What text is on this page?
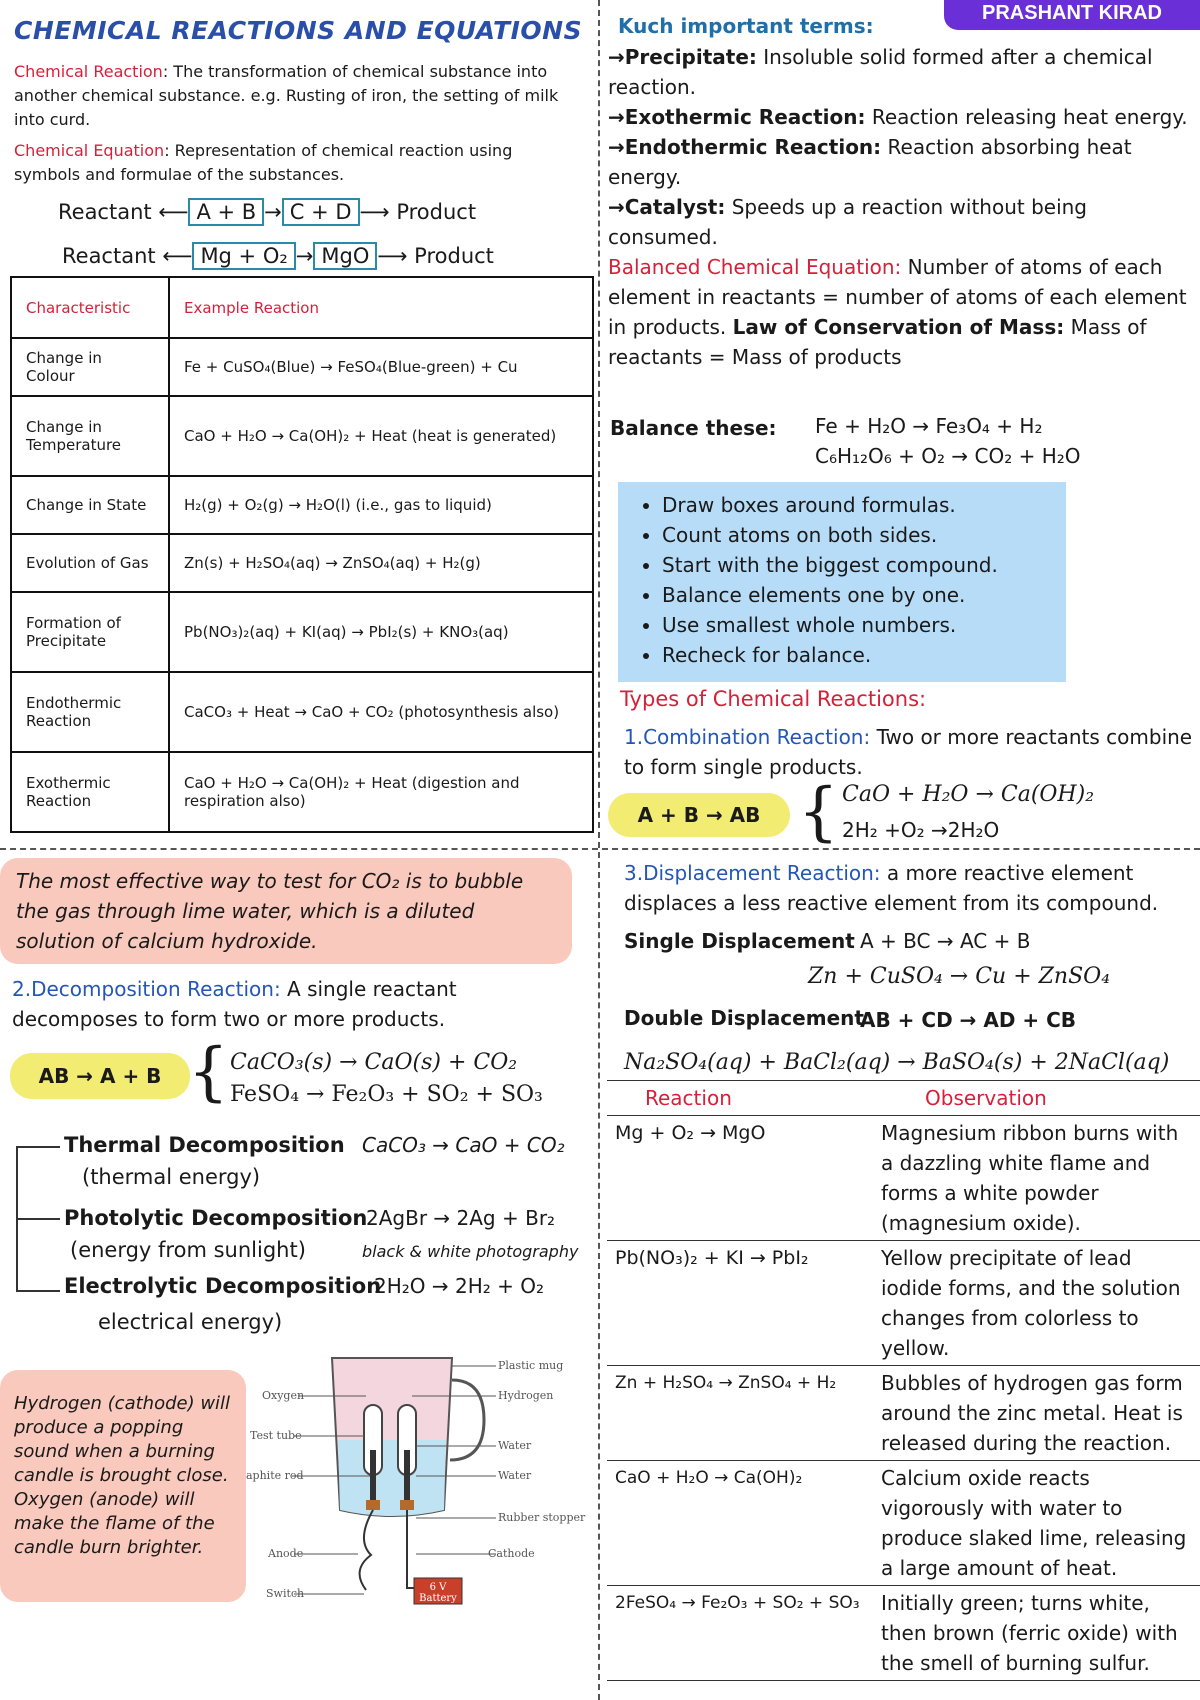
CHEMICAL REACTIONS AND EQUATIONS
PRASHANT KIRAD
Chemical Reaction: The transformation of chemical substance into another chemical substance. e.g. Rusting of iron, the setting of milk into curd.
Chemical Equation: Representation of chemical reaction using symbols and formulae of the substances.
Reactant ⟵ A + B → C + D ⟶ Product
Reactant ⟵ Mg + O₂ → MgO ⟶ Product
Characteristic	Example Reaction
Change in Colour	Fe + CuSO₄(Blue) → FeSO₄(Blue-green) + Cu
Change in Temperature	CaO + H₂O → Ca(OH)₂ + Heat (heat is generated)
Change in State	H₂(g) + O₂(g) → H₂O(l) (i.e., gas to liquid)
Evolution of Gas	Zn(s) + H₂SO₄(aq) → ZnSO₄(aq) + H₂(g)
Formation of Precipitate	Pb(NO₃)₂(aq) + KI(aq) → PbI₂(s) + KNO₃(aq)
Endothermic Reaction	CaCO₃ + Heat → CaO + CO₂ (photosynthesis also)
Exothermic Reaction	CaO + H₂O → Ca(OH)₂ + Heat (digestion and respiration also)
Kuch important terms:
→Precipitate: Insoluble solid formed after a chemical reaction.
→Exothermic Reaction: Reaction releasing heat energy.
→Endothermic Reaction: Reaction absorbing heat energy.
→Catalyst: Speeds up a reaction without being consumed.
Balanced Chemical Equation: Number of atoms of each element in reactants = number of atoms of each element in products. Law of Conservation of Mass: Mass of reactants = Mass of products
Balance these: Fe + H₂O → Fe₃O₄ + H₂
C₆H₁₂O₆ + O₂ → CO₂ + H₂O
• Draw boxes around formulas.
• Count atoms on both sides.
• Start with the biggest compound.
• Balance elements one by one.
• Use smallest whole numbers.
• Recheck for balance.
Types of Chemical Reactions:
1.Combination Reaction: Two or more reactants combine to form single products.
A + B → AB { CaO + H₂O → Ca(OH)₂
2H₂ +O₂ →2H₂O
The most effective way to test for CO₂ is to bubble the gas through lime water, which is a diluted solution of calcium hydroxide.
2.Decomposition Reaction: A single reactant decomposes to form two or more products.
AB → A + B { CaCO₃(s) → CaO(s) + CO₂
FeSO₄ → Fe₂O₃ + SO₂ + SO₃
Thermal Decomposition
(thermal energy)
CaCO₃ → CaO + CO₂
Photolytic Decomposition
(energy from sunlight)
2AgBr → 2Ag + Br₂
black & white photography
Electrolytic Decomposition
2H₂O → 2H₂ + O₂
electrical energy)
Hydrogen (cathode) will produce a popping sound when a burning candle is brought close. Oxygen (anode) will make the flame of the candle burn brighter.
6 V
Battery
Plastic mug
Oxygen	Hydrogen
Test tube
Water
aphite rod	Water
Rubber stopper
Anode	Cathode
Switch
3.Displacement Reaction: a more reactive element displaces a less reactive element from its compound.
Single Displacement A + BC → AC + B
Zn + CuSO₄ → Cu + ZnSO₄
Double Displacement
AB + CD → AD + CB
Na₂SO₄(aq) + BaCl₂(aq) → BaSO₄(s) + 2NaCl(aq)
Reaction	Observation
Mg + O₂ → MgO	Magnesium ribbon burns with a dazzling white flame and forms a white powder (magnesium oxide).
Pb(NO₃)₂ + KI → PbI₂	Yellow precipitate of lead iodide forms, and the solution changes from colorless to yellow.
Zn + H₂SO₄ → ZnSO₄ + H₂	Bubbles of hydrogen gas form around the zinc metal. Heat is released during the reaction.
CaO + H₂O → Ca(OH)₂	Calcium oxide reacts vigorously with water to produce slaked lime, releasing a large amount of heat.
2FeSO₄ → Fe₂O₃ + SO₂ + SO₃	Initially green; turns white, then brown (ferric oxide) with the smell of burning sulfur.
